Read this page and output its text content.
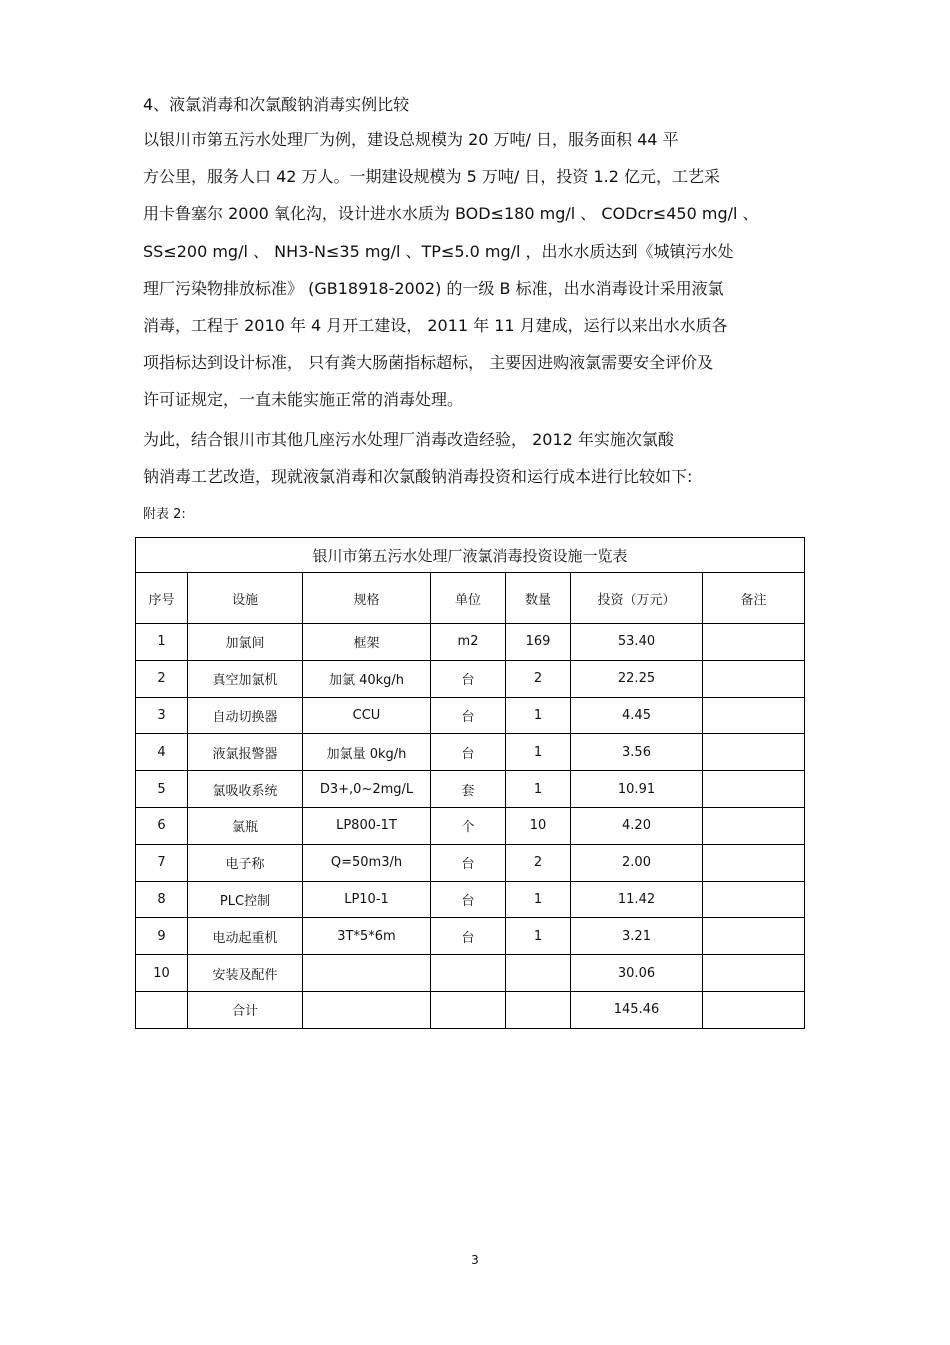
4、液氯消毒和次氯酸钠消毒实例比较
以银川市第五污水处理厂为例，建设总规模为 20 万吨/ 日，服务面积 44 平
方公里，服务人口 42 万人。一期建设规模为 5 万吨/ 日，投资 1.2 亿元，工艺采
用卡鲁塞尔 2000 氧化沟，设计进水水质为 BOD≤180 mg/l 、 CODcr≤450 mg/l 、
SS≤200 mg/l 、 NH3-N≤35 mg/l 、TP≤5.0 mg/l ，出水水质达到《城镇污水处
理厂污染物排放标准》 (GB18918-2002) 的一级 B 标准，出水消毒设计采用液氯
消毒，工程于 2010 年 4 月开工建设， 2011 年 11 月建成，运行以来出水水质各
项指标达到设计标准， 只有粪大肠菌指标超标， 主要因进购液氯需要安全评价及
许可证规定，一直未能实施正常的消毒处理。
为此，结合银川市其他几座污水处理厂消毒改造经验， 2012 年实施次氯酸
钠消毒工艺改造，现就液氯消毒和次氯酸钠消毒投资和运行成本进行比较如下:
附表 2:
银川市第五污水处理厂液氯消毒投资设施一览表						
序号	设施	规格	单位	数量	投资（万元）	备注
1	加氯间	框架	m2	169	53.40	
2	真空加氯机	加氯 40kg/h	台	2	22.25	
3	自动切换器	CCU	台	1	4.45	
4	液氯报警器	加氯量 0kg/h	台	1	3.56	
5	氯吸收系统	D3+,0~2mg/L	套	1	10.91	
6	氯瓶	LP800-1T	个	10	4.20	
7	电子称	Q=50m3/h	台	2	2.00	
8	PLC控制	LP10-1	台	1	11.42	
9	电动起重机	3T*5*6m	台	1	3.21	
10	安装及配件				30.06	
	合计				145.46	
3
